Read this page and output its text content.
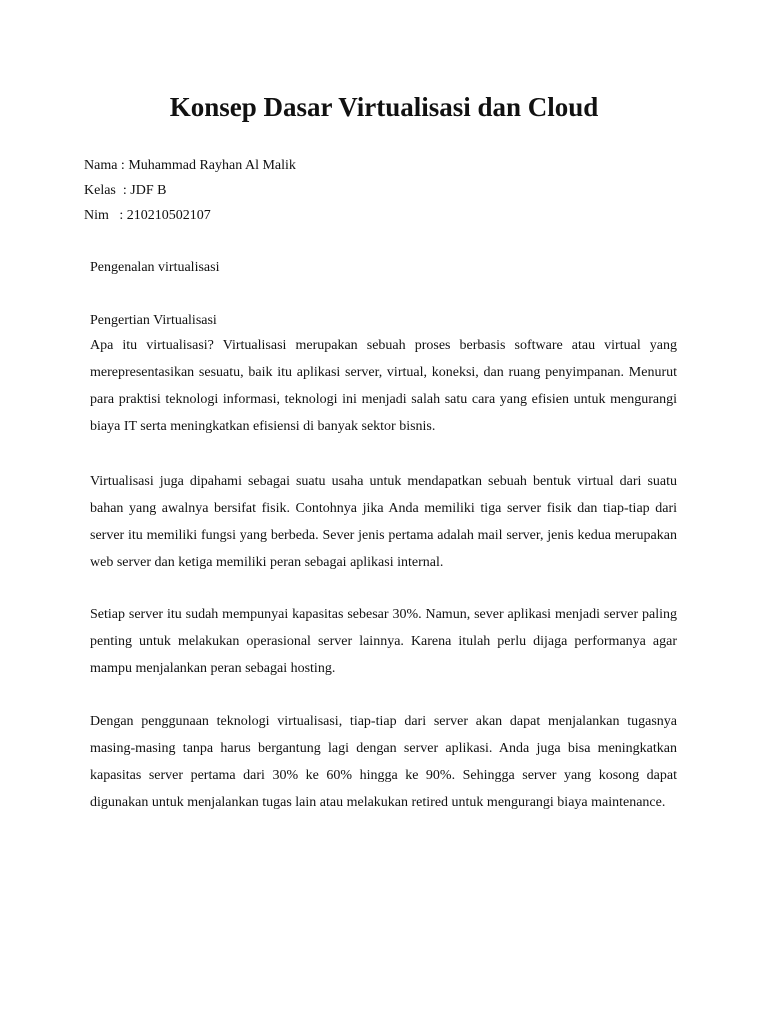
Konsep Dasar Virtualisasi dan Cloud
Nama : Muhammad Rayhan Al Malik
Kelas  : JDF B
Nim   : 210210502107

Pengenalan virtualisasi

Pengertian Virtualisasi

Apa itu virtualisasi? Virtualisasi merupakan sebuah proses berbasis software atau virtual yang merepresentasikan sesuatu, baik itu aplikasi server, virtual, koneksi, dan ruang penyimpanan. Menurut para praktisi teknologi informasi, teknologi ini menjadi salah satu cara yang efisien untuk mengurangi biaya IT serta meningkatkan efisiensi di banyak sektor bisnis.

Virtualisasi juga dipahami sebagai suatu usaha untuk mendapatkan sebuah bentuk virtual dari suatu bahan yang awalnya bersifat fisik. Contohnya jika Anda memiliki tiga server fisik dan tiap-tiap dari server itu memiliki fungsi yang berbeda. Sever jenis pertama adalah mail server, jenis kedua merupakan web server dan ketiga memiliki peran sebagai aplikasi internal.

Setiap server itu sudah mempunyai kapasitas sebesar 30%. Namun, sever aplikasi menjadi server paling penting untuk melakukan operasional server lainnya. Karena itulah perlu dijaga performanya agar mampu menjalankan peran sebagai hosting.

Dengan penggunaan teknologi virtualisasi, tiap-tiap dari server akan dapat menjalankan tugasnya masing-masing tanpa harus bergantung lagi dengan server aplikasi. Anda juga bisa meningkatkan kapasitas server pertama dari 30% ke 60% hingga ke 90%. Sehingga server yang kosong dapat digunakan untuk menjalankan tugas lain atau melakukan retired untuk mengurangi biaya maintenance.
